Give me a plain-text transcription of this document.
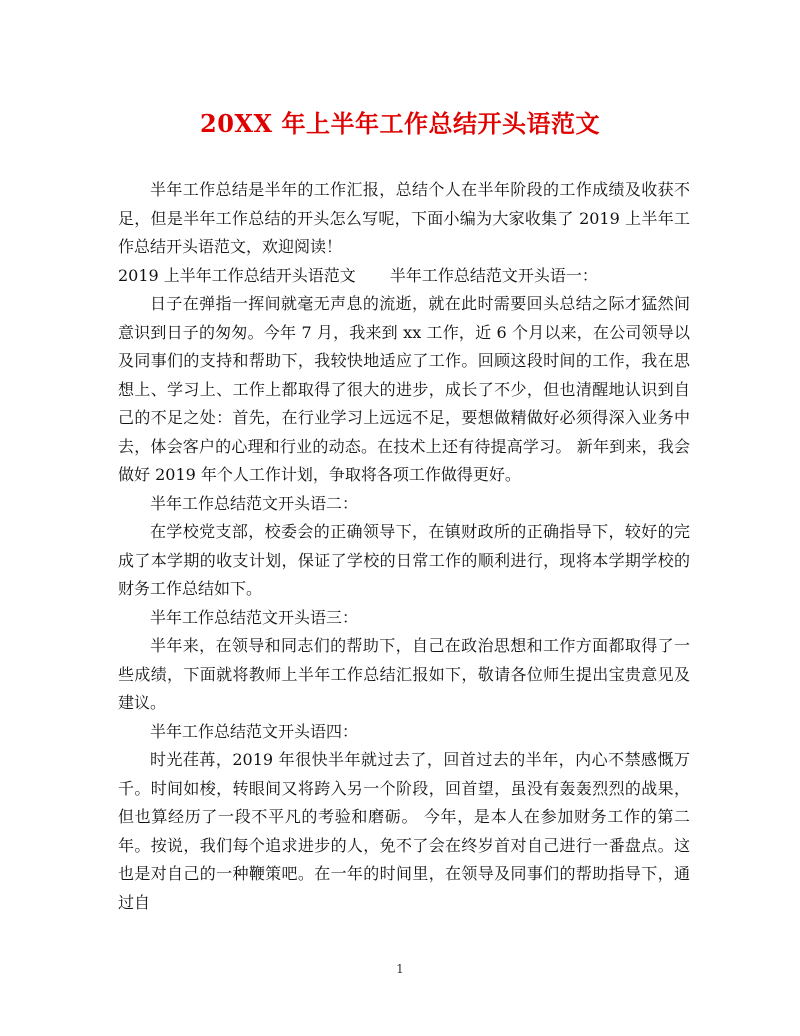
20XX 年上半年工作总结开头语范文

半年工作总结是半年的工作汇报，总结个人在半年阶段的工作成绩及收获不足，但是半年工作总结的开头怎么写呢，下面小编为大家收集了 2019 上半年工作总结开头语范文，欢迎阅读！

2019 上半年工作总结开头语范文 半年工作总结范文开头语一：

日子在弹指一挥间就毫无声息的流逝，就在此时需要回头总结之际才猛然间意识到日子的匆匆。今年 7 月，我来到 xx 工作，近 6 个月以来，在公司领导以及同事们的支持和帮助下，我较快地适应了工作。回顾这段时间的工作，我在思想上、学习上、工作上都取得了很大的进步，成长了不少，但也清醒地认识到自己的不足之处：首先，在行业学习上远远不足，要想做精做好必须得深入业务中去，体会客户的心理和行业的动态。在技术上还有待提高学习。 新年到来，我会做好 2019 年个人工作计划，争取将各项工作做得更好。

半年工作总结范文开头语二：

在学校党支部，校委会的正确领导下，在镇财政所的正确指导下，较好的完成了本学期的收支计划，保证了学校的日常工作的顺利进行，现将本学期学校的财务工作总结如下。

半年工作总结范文开头语三：

半年来，在领导和同志们的帮助下，自己在政治思想和工作方面都取得了一些成绩，下面就将教师上半年工作总结汇报如下，敬请各位师生提出宝贵意见及建议。

半年工作总结范文开头语四：

时光荏苒，2019 年很快半年就过去了，回首过去的半年，内心不禁感慨万千。时间如梭，转眼间又将跨入另一个阶段，回首望，虽没有轰轰烈烈的战果，但也算经历了一段不平凡的考验和磨砺。 今年，是本人在参加财务工作的第二年。按说，我们每个追求进步的人，免不了会在终岁首对自己进行一番盘点。这也是对自己的一种鞭策吧。在一年的时间里，在领导及同事们的帮助指导下，通过自

1
